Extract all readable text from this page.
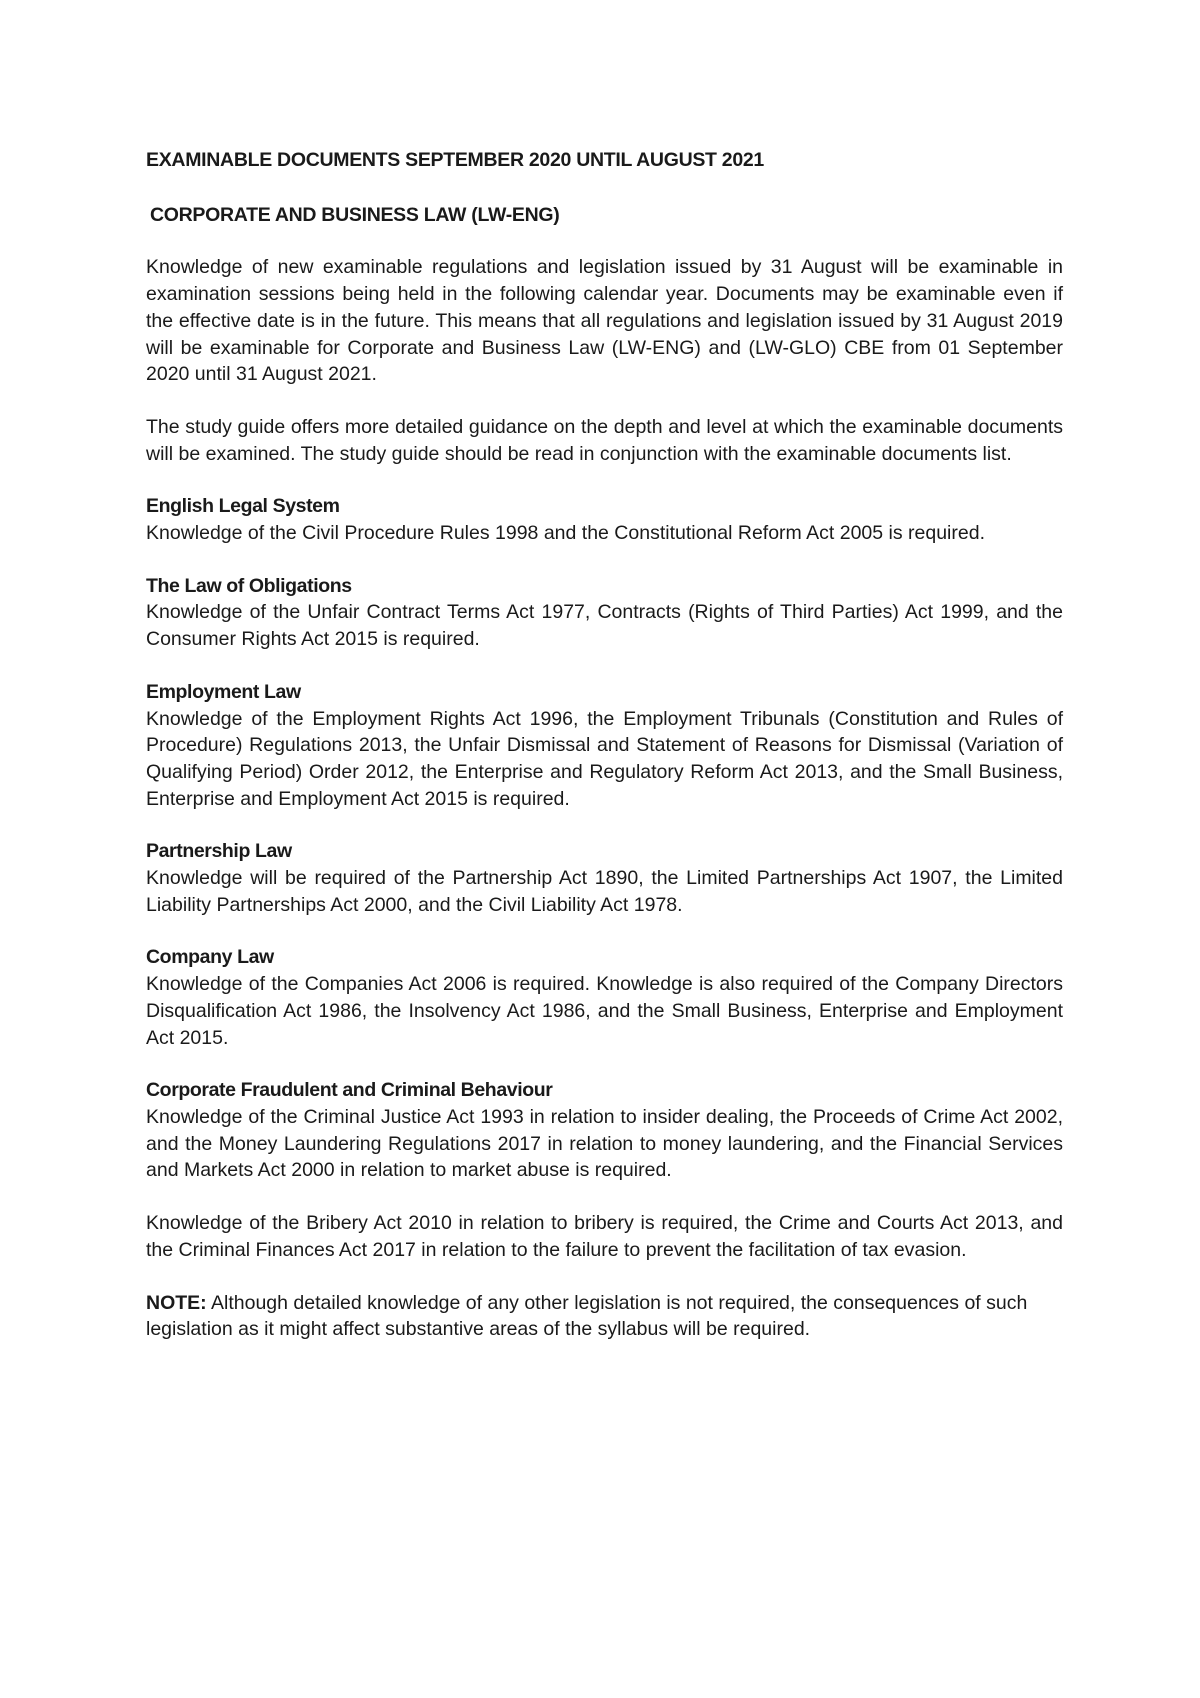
EXAMINABLE DOCUMENTS SEPTEMBER 2020 UNTIL AUGUST 2021
CORPORATE AND BUSINESS LAW (LW-ENG)

Knowledge of new examinable regulations and legislation issued by 31 August will be examinable in examination sessions being held in the following calendar year. Documents may be examinable even if the effective date is in the future. This means that all regulations and legislation issued by 31 August 2019 will be examinable for Corporate and Business Law (LW-ENG) and (LW-GLO) CBE from 01 September 2020 until 31 August 2021.

The study guide offers more detailed guidance on the depth and level at which the examinable documents will be examined. The study guide should be read in conjunction with the examinable documents list.

English Legal System

Knowledge of the Civil Procedure Rules 1998 and the Constitutional Reform Act 2005 is required.

The Law of Obligations

Knowledge of the Unfair Contract Terms Act 1977, Contracts (Rights of Third Parties) Act 1999, and the Consumer Rights Act 2015 is required.

Employment Law

Knowledge of the Employment Rights Act 1996, the Employment Tribunals (Constitution and Rules of Procedure) Regulations 2013, the Unfair Dismissal and Statement of Reasons for Dismissal (Variation of Qualifying Period) Order 2012, the Enterprise and Regulatory Reform Act 2013, and the Small Business, Enterprise and Employment Act 2015 is required.

Partnership Law

Knowledge will be required of the Partnership Act 1890, the Limited Partnerships Act 1907, the Limited Liability Partnerships Act 2000, and the Civil Liability Act 1978.

Company Law

Knowledge of the Companies Act 2006 is required. Knowledge is also required of the Company Directors Disqualification Act 1986, the Insolvency Act 1986, and the Small Business, Enterprise and Employment Act 2015.

Corporate Fraudulent and Criminal Behaviour

Knowledge of the Criminal Justice Act 1993 in relation to insider dealing, the Proceeds of Crime Act 2002, and the Money Laundering Regulations 2017 in relation to money laundering, and the Financial Services and Markets Act 2000 in relation to market abuse is required.

Knowledge of the Bribery Act 2010 in relation to bribery is required, the Crime and Courts Act 2013, and the Criminal Finances Act 2017 in relation to the failure to prevent the facilitation of tax evasion.

NOTE: Although detailed knowledge of any other legislation is not required, the consequences of such legislation as it might affect substantive areas of the syllabus will be required.
